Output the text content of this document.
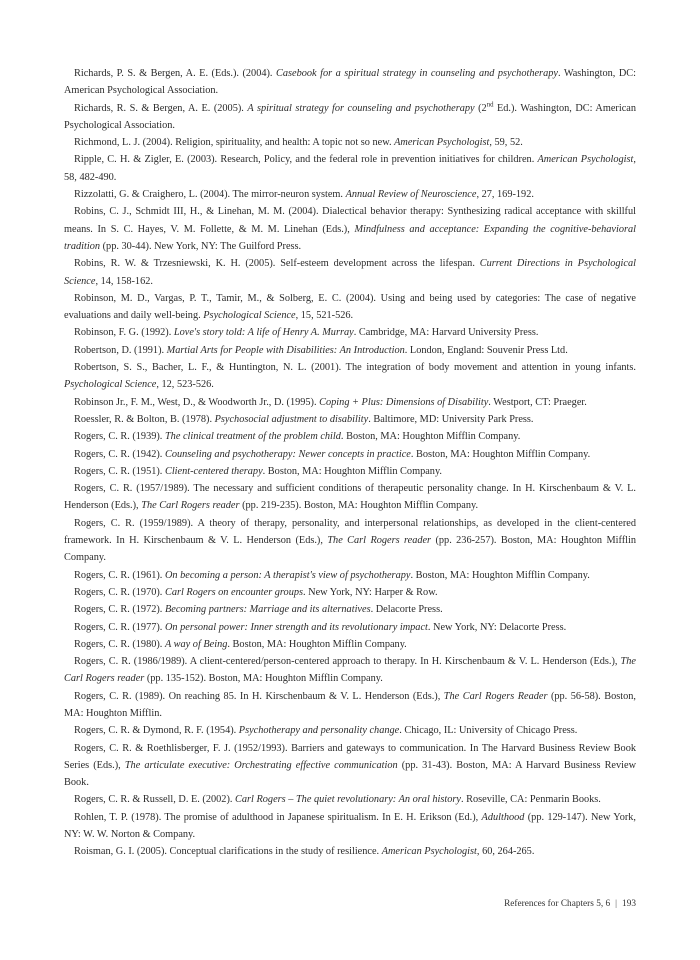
Richards, P. S. & Bergen, A. E. (Eds.). (2004). Casebook for a spiritual strategy in counseling and psychotherapy. Washington, DC: American Psychological Association.

Richards, R. S. & Bergen, A. E. (2005). A spiritual strategy for counseling and psychotherapy (2nd Ed.). Washington, DC: American Psychological Association.

Richmond, L. J. (2004). Religion, spirituality, and health: A topic not so new. American Psychologist, 59, 52.

Ripple, C. H. & Zigler, E. (2003). Research, Policy, and the federal role in prevention initiatives for children. American Psychologist, 58, 482-490.

Rizzolatti, G. & Craighero, L. (2004). The mirror-neuron system. Annual Review of Neuroscience, 27, 169-192.

Robins, C. J., Schmidt III, H., & Linehan, M. M. (2004). Dialectical behavior therapy: Synthesizing radical acceptance with skillful means. In S. C. Hayes, V. M. Follette, & M. M. Linehan (Eds.), Mindfulness and acceptance: Expanding the cognitive-behavioral tradition (pp. 30-44). New York, NY: The Guilford Press.

Robins, R. W. & Trzesniewski, K. H. (2005). Self-esteem development across the lifespan. Current Directions in Psychological Science, 14, 158-162.

Robinson, M. D., Vargas, P. T., Tamir, M., & Solberg, E. C. (2004). Using and being used by categories: The case of negative evaluations and daily well-being. Psychological Science, 15, 521-526.

Robinson, F. G. (1992). Love's story told: A life of Henry A. Murray. Cambridge, MA: Harvard University Press.

Robertson, D. (1991). Martial Arts for People with Disabilities: An Introduction. London, England: Souvenir Press Ltd.

Robertson, S. S., Bacher, L. F., & Huntington, N. L. (2001). The integration of body movement and attention in young infants. Psychological Science, 12, 523-526.

Robinson Jr., F. M., West, D., & Woodworth Jr., D. (1995). Coping + Plus: Dimensions of Disability. Westport, CT: Praeger.

Roessler, R. & Bolton, B. (1978). Psychosocial adjustment to disability. Baltimore, MD: University Park Press.

Rogers, C. R. (1939). The clinical treatment of the problem child. Boston, MA: Houghton Mifflin Company.

Rogers, C. R. (1942). Counseling and psychotherapy: Newer concepts in practice. Boston, MA: Houghton Mifflin Company.

Rogers, C. R. (1951). Client-centered therapy. Boston, MA: Houghton Mifflin Company.

Rogers, C. R. (1957/1989). The necessary and sufficient conditions of therapeutic personality change. In H. Kirschenbaum & V. L. Henderson (Eds.), The Carl Rogers reader (pp. 219-235). Boston, MA: Houghton Mifflin Company.

Rogers, C. R. (1959/1989). A theory of therapy, personality, and interpersonal relationships, as developed in the client-centered framework. In H. Kirschenbaum & V. L. Henderson (Eds.), The Carl Rogers reader (pp. 236-257). Boston, MA: Houghton Mifflin Company.

Rogers, C. R. (1961). On becoming a person: A therapist's view of psychotherapy. Boston, MA: Houghton Mifflin Company.

Rogers, C. R. (1970). Carl Rogers on encounter groups. New York, NY: Harper & Row.

Rogers, C. R. (1972). Becoming partners: Marriage and its alternatives. Delacorte Press.

Rogers, C. R. (1977). On personal power: Inner strength and its revolutionary impact. New York, NY: Delacorte Press.

Rogers, C. R. (1980). A way of Being. Boston, MA: Houghton Mifflin Company.

Rogers, C. R. (1986/1989). A client-centered/person-centered approach to therapy. In H. Kirschenbaum & V. L. Henderson (Eds.), The Carl Rogers reader (pp. 135-152). Boston, MA: Houghton Mifflin Company.

Rogers, C. R. (1989). On reaching 85. In H. Kirschenbaum & V. L. Henderson (Eds.), The Carl Rogers Reader (pp. 56-58). Boston, MA: Houghton Mifflin.

Rogers, C. R. & Dymond, R. F. (1954). Psychotherapy and personality change. Chicago, IL: University of Chicago Press.

Rogers, C. R. & Roethlisberger, F. J. (1952/1993). Barriers and gateways to communication. In The Harvard Business Review Book Series (Eds.), The articulate executive: Orchestrating effective communication (pp. 31-43). Boston, MA: A Harvard Business Review Book.

Rogers, C. R. & Russell, D. E. (2002). Carl Rogers – The quiet revolutionary: An oral history. Roseville, CA: Penmarin Books.

Rohlen, T. P. (1978). The promise of adulthood in Japanese spiritualism. In E. H. Erikson (Ed.), Adulthood (pp. 129-147). New York, NY: W. W. Norton & Company.

Roisman, G. I. (2005). Conceptual clarifications in the study of resilience. American Psychologist, 60, 264-265.

References for Chapters 5, 6 | 193
